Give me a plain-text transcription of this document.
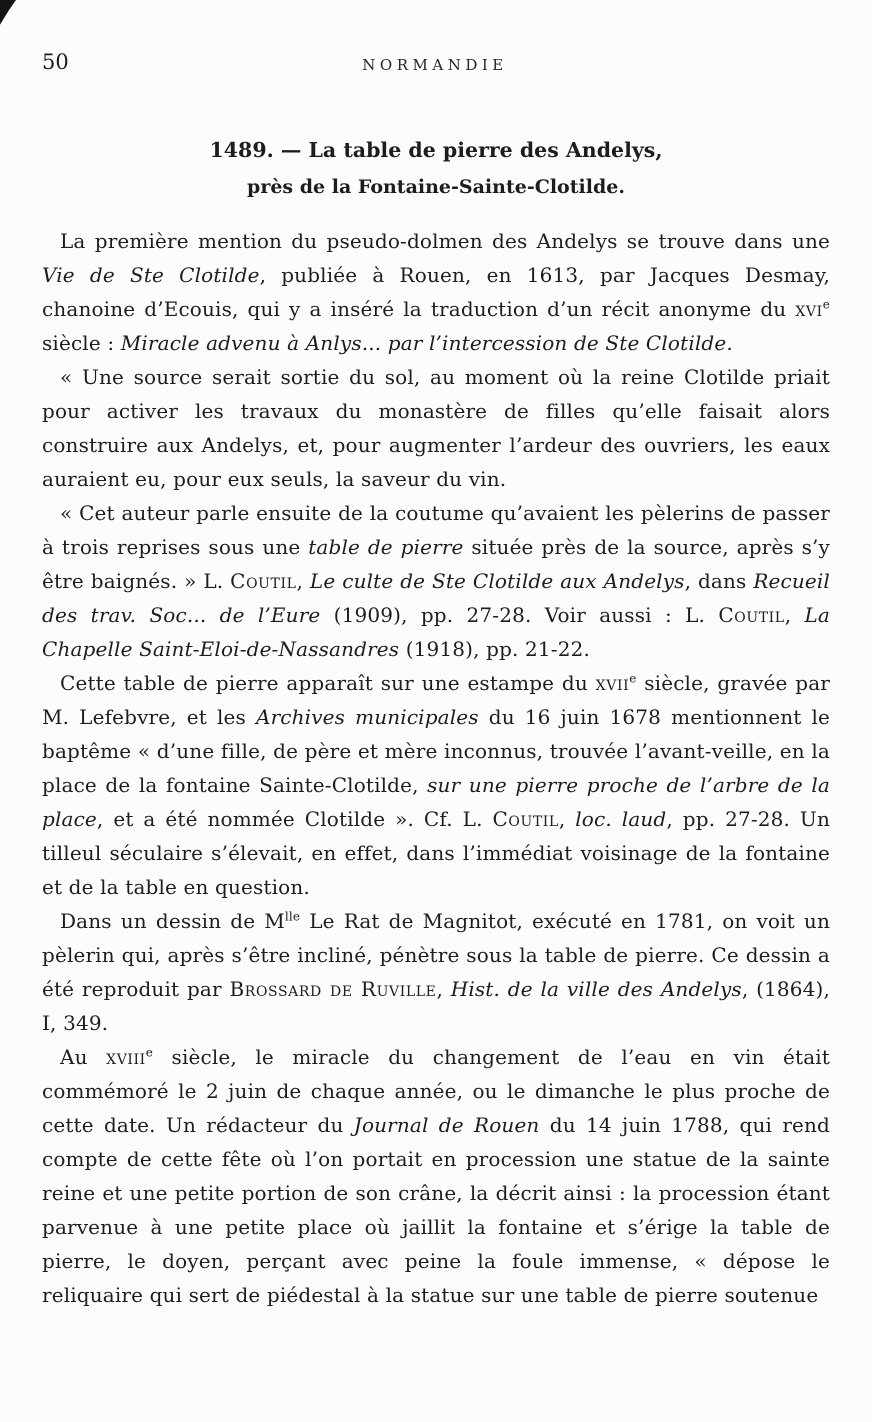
50	NORMANDIE

1489. — La table de pierre des Andelys,

près de la Fontaine-Sainte-Clotilde.

La première mention du pseudo-dolmen des Andelys se trouve dans une Vie de Ste Clotilde, publiée à Rouen, en 1613, par Jacques Desmay, chanoine d’Ecouis, qui y a inséré la traduction d’un récit anonyme du xvi$^e$ siècle : Miracle advenu à Anlys... par l’intercession de Ste Clotilde.

« Une source serait sortie du sol, au moment où la reine Clotilde priait pour activer les travaux du monastère de filles qu’elle faisait alors construire aux Andelys, et, pour augmenter l’ardeur des ouvriers, les eaux auraient eu, pour eux seuls, la saveur du vin.

« Cet auteur parle ensuite de la coutume qu’avaient les pèlerins de passer à trois reprises sous une table de pierre située près de la source, après s’y être baignés. » L. Coutil, Le culte de Ste Clotilde aux Andelys, dans Recueil des trav. Soc... de l’Eure (1909), pp. 27-28. Voir aussi : L. Coutil, La Chapelle Saint-Eloi-de-Nassandres (1918), pp. 21-22.

Cette table de pierre apparaît sur une estampe du xvii$^e$ siècle, gravée par M. Lefebvre, et les Archives municipales du 16 juin 1678 mentionnent le baptême « d’une fille, de père et mère inconnus, trouvée l’avant-veille, en la place de la fontaine Sainte-Clotilde, sur une pierre proche de l’arbre de la place, et a été nommée Clotilde ». Cf. L. Coutil, loc. laud, pp. 27-28. Un tilleul séculaire s’élevait, en effet, dans l’immédiat voisinage de la fontaine et de la table en question.

Dans un dessin de $M^{lle}$ Le Rat de Magnitot, exécuté en 1781, on voit un pèlerin qui, après s’être incliné, pénètre sous la table de pierre. Ce dessin a été reproduit par Brossard de Ruville, Hist. de la ville des Andelys, (1864), I, 349.

Au xviii$^e$ siècle, le miracle du changement de l’eau en vin était commémoré le 2 juin de chaque année, ou le dimanche le plus proche de cette date. Un rédacteur du Journal de Rouen du 14 juin 1788, qui rend compte de cette fête où l’on portait en procession une statue de la sainte reine et une petite portion de son crâne, la décrit ainsi : la procession étant parvenue à une petite place où jaillit la fontaine et s’érige la table de pierre, le doyen, perçant avec peine la foule immense, « dépose le reliquaire qui sert de piédestal à la statue sur une table de pierre soutenue
